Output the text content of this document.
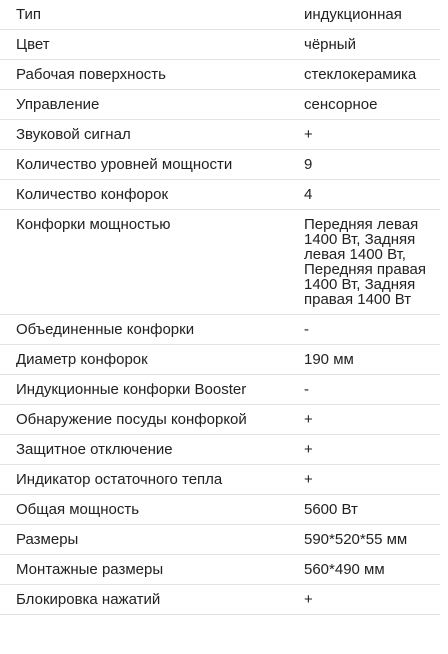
Тип	индукционная
Цвет	чёрный
Рабочая поверхность	стеклокерамика
Управление	сенсорное
Звуковой сигнал	+
Количество уровней мощности	9
Количество конфорок	4
Конфорки мощностью	Передняя левая 1400 Вт, Задняя левая 1400 Вт, Передняя правая 1400 Вт, Задняя правая 1400 Вт
Объединенные конфорки	-
Диаметр конфорок	190 мм
Индукционные конфорки Booster	-
Обнаружение посуды конфоркой	+
Защитное отключение	+
Индикатор остаточного тепла	+
Общая мощность	5600 Вт
Размеры	590*520*55 мм
Монтажные размеры	560*490 мм
Блокировка нажатий	+
